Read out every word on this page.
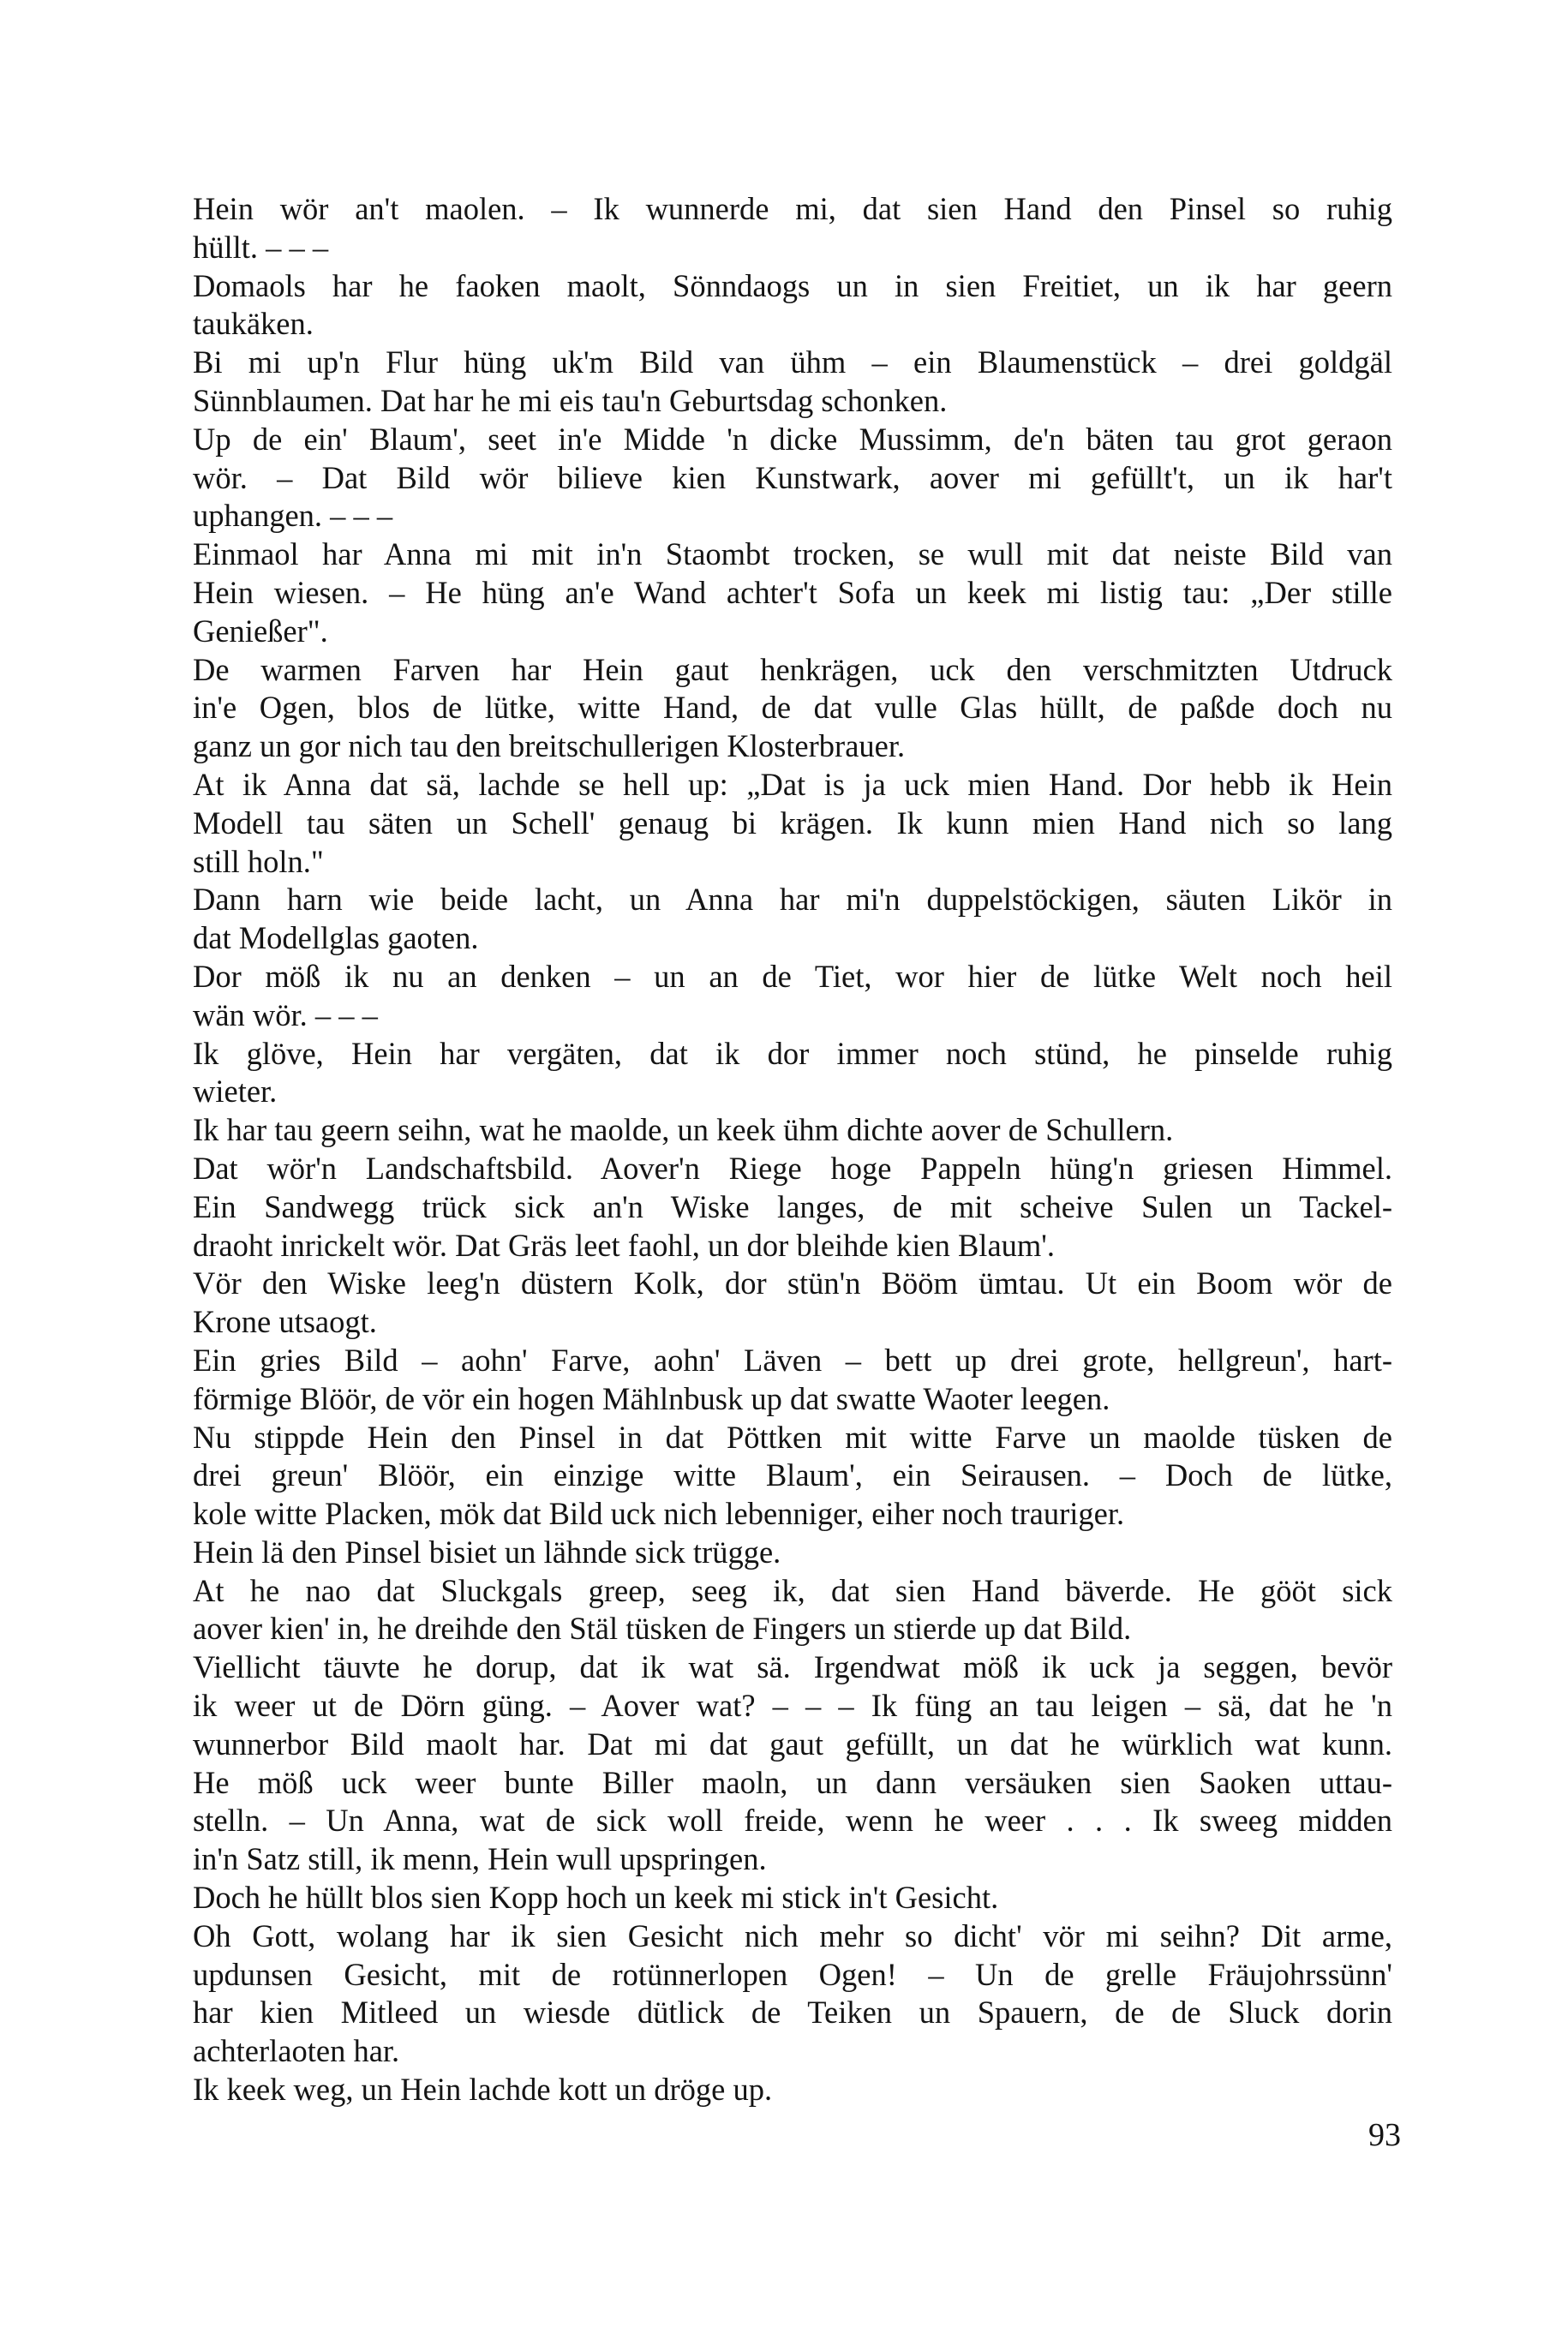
Hein wör an't maolen. – Ik wunnerde mi, dat sien Hand den Pinsel so ruhig
hüllt. – – –
Domaols har he faoken maolt, Sönndaogs un in sien Freitiet, un ik har geern
taukäken.
Bi mi up'n Flur hüng uk'm Bild van ühm – ein Blaumenstück – drei goldgäl
Sünnblaumen. Dat har he mi eis tau'n Geburtsdag schonken.
Up de ein' Blaum', seet in'e Midde 'n dicke Mussimm, de'n bäten tau grot geraon
wör. – Dat Bild wör bilieve kien Kunstwark, aover mi gefüllt't, un ik har't
uphangen. – – –
Einmaol har Anna mi mit in'n Staombt trocken, se wull mit dat neiste Bild van
Hein wiesen. – He hüng an'e Wand achter't Sofa un keek mi listig tau: „Der stille
Genießer".
De warmen Farven har Hein gaut henkrägen, uck den verschmitzten Utdruck
in'e Ogen, blos de lütke, witte Hand, de dat vulle Glas hüllt, de paßde doch nu
ganz un gor nich tau den breitschullerigen Klosterbrauer.
At ik Anna dat sä, lachde se hell up: „Dat is ja uck mien Hand. Dor hebb ik Hein
Modell tau säten un Schell' genaug bi krägen. Ik kunn mien Hand nich so lang
still holn."
Dann harn wie beide lacht, un Anna har mi'n duppelstöckigen, säuten Likör in
dat Modellglas gaoten.
Dor möß ik nu an denken – un an de Tiet, wor hier de lütke Welt noch heil
wän wör. – – –
Ik glöve, Hein har vergäten, dat ik dor immer noch stünd, he pinselde ruhig
wieter.
Ik har tau geern seihn, wat he maolde, un keek ühm dichte aover de Schullern.
Dat wör'n Landschaftsbild. Aover'n Riege hoge Pappeln hüng'n griesen Himmel.
Ein Sandwegg trück sick an'n Wiske langes, de mit scheive Sulen un Tackel-
draoht inrickelt wör. Dat Gräs leet faohl, un dor bleihde kien Blaum'.
Vör den Wiske leeg'n düstern Kolk, dor stün'n Bööm ümtau. Ut ein Boom wör de
Krone utsaogt.
Ein gries Bild – aohn' Farve, aohn' Läven – bett up drei grote, hellgreun', hart-
förmige Blöör, de vör ein hogen Mählnbusk up dat swatte Waoter leegen.
Nu stippde Hein den Pinsel in dat Pöttken mit witte Farve un maolde tüsken de
drei greun' Blöör, ein einzige witte Blaum', ein Seirausen. – Doch de lütke,
kole witte Placken, mök dat Bild uck nich lebenniger, eiher noch trauriger.
Hein lä den Pinsel bisiet un lähnde sick trügge.
At he nao dat Sluckgals greep, seeg ik, dat sien Hand bäverde. He gööt sick
aover kien' in, he dreihde den Stäl tüsken de Fingers un stierde up dat Bild.
Viellicht täuvte he dorup, dat ik wat sä. Irgendwat möß ik uck ja seggen, bevör
ik weer ut de Dörn güng. – Aover wat? – – – Ik füng an tau leigen – sä, dat he 'n
wunnerbor Bild maolt har. Dat mi dat gaut gefüllt, un dat he würklich wat kunn.
He möß uck weer bunte Biller maoln, un dann versäuken sien Saoken uttau-
stelln. – Un Anna, wat de sick woll freide, wenn he weer . . . Ik sweeg midden
in'n Satz still, ik menn, Hein wull upspringen.
Doch he hüllt blos sien Kopp hoch un keek mi stick in't Gesicht.
Oh Gott, wolang har ik sien Gesicht nich mehr so dicht' vör mi seihn? Dit arme,
updunsen Gesicht, mit de rotünnerlopen Ogen! – Un de grelle Fräujohrssünn'
har kien Mitleed un wiesde dütlick de Teiken un Spauern, de de Sluck dorin
achterlaoten har.
Ik keek weg, un Hein lachde kott un dröge up.
93
